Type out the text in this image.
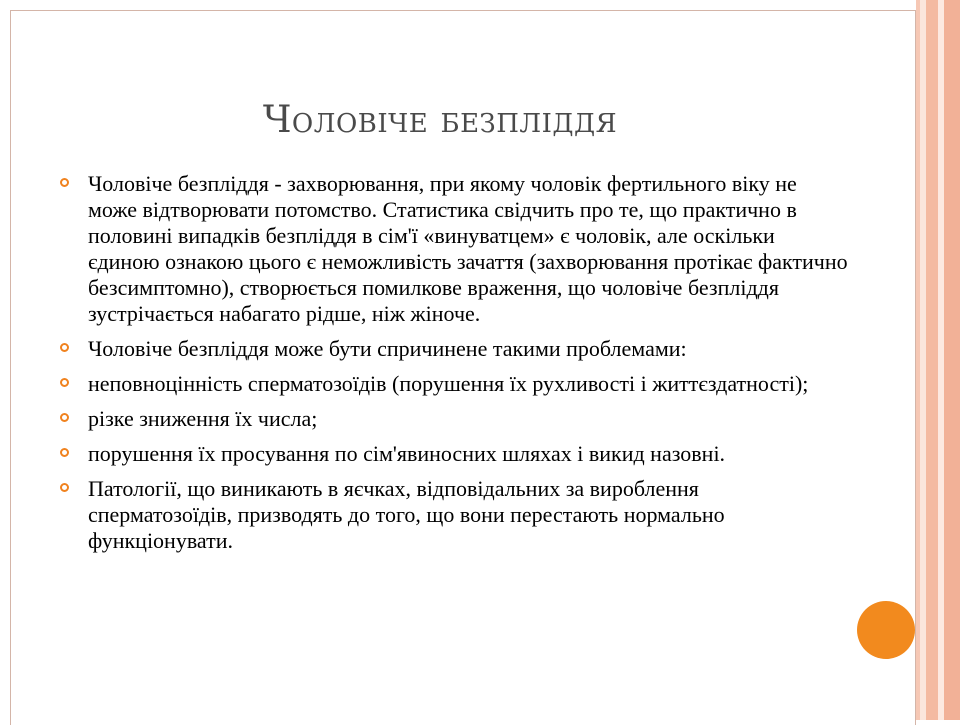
Чоловіче безпліддя
Чоловіче безпліддя - захворювання, при якому чоловік фертильного віку не може відтворювати потомство. Статистика свідчить про те, що практично в половині випадків безпліддя в сім'ї «винуватцем» є чоловік, але оскільки єдиною ознакою цього є неможливість зачаття (захворювання протікає фактично безсимптомно), створюється помилкове враження, що чоловіче безпліддя зустрічається набагато рідше, ніж жіноче.
Чоловіче безпліддя може бути спричинене такими проблемами:
неповноцінність сперматозоїдів (порушення їх рухливості і життєздатності);
різке зниження їх числа;
порушення їх просування по сім'явиносних шляхах і викид назовні.
Патології, що виникають в яєчках, відповідальних за вироблення сперматозоїдів, призводять до того, що вони перестають нормально функціонувати.
